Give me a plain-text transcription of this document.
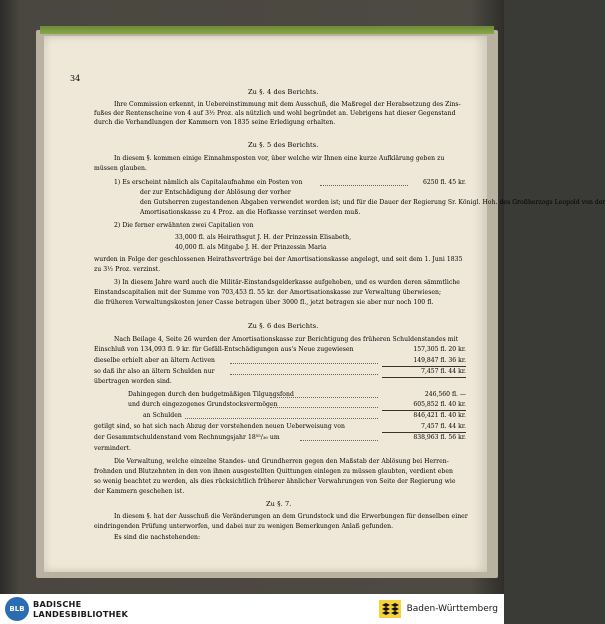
34
Zu §. 4 des Berichts.
Ihre Commission erkennt, in Uebereinstimmung mit dem Ausschuß, die Maßregel der Herabsetzung des Zins-
fußes der Rentenscheine von 4 auf 3½ Proz. als nützlich und wohl begründet an. Uebrigens hat dieser Gegenstand
durch die Verhandlungen der Kammern von 1835 seine Erledigung erhalten.
Zu §. 5 des Berichts.
In diesem §. kommen einige Einnahmsposten vor, über welche wir Ihnen eine kurze Aufklärung geben zu
müssen glauben.
1) Es erscheint nämlich als Capitalaufnahme ein Posten von	6250 fl. 45 kr.
der zur Entschädigung der Ablösung der vorher
den Gutsherren zugestandenen Abgaben verwendet worden ist; und für die Dauer der Regierung Sr. Königl. Hoh. des Großherzogs Leopold von der
Amortisationskasse zu 4 Proz. an die Hofkasse verzinset werden muß.
2) Die ferner erwähnten zwei Capitalien von
33,000 fl. als Heirathsgut J. H. der Prinzessin Elisabeth,
40,000 fl. als Mitgabe J. H. der Prinzessin Maria
wurden in Folge der geschlossenen Heirathsverträge bei der Amortisationskasse angelegt, und seit dem 1. Juni 1835
zu 3½ Proz. verzinst.
3) In diesem Jahre ward auch die Militär-Einstandsgelderkasse aufgehoben, und es wurden deren sämmtliche
Einstandscapitalien mit der Summe von 703,453 fl. 55 kr. der Amortisationskasse zur Verwaltung überwiesen;
die früheren Verwaltungskosten jener Casse betragen über 3000 fl., jetzt betragen sie aber nur noch 100 fl.
Zu §. 6 des Berichts.
Nach Beilage 4, Seite 26 wurden der Amortisationskasse zur Berichtigung des früheren Schuldenstandes mit
Einschluß von 134,093 fl. 9 kr. für Gefäll-Entschädigungen aus's Neue zugewiesen	157,305 fl. 20 kr.
dieselbe erhielt aber an ältern Activen	149,847 fl. 36 kr.
so daß ihr also an ältern Schulden nur	7,457 fl. 44 kr.
übertragen worden sind.
Dahingegen durch den budgetmäßigen Tilgungsfond	246,560 fl. —
und durch eingezogenes Grundstocksvermögen	605,852 fl. 40 kr.
an Schulden	846,421 fl. 40 kr.
getilgt sind, so hat sich nach Abzug der vorstehenden neuen Ueberweisung von	7,457 fl. 44 kr.
der Gesammtschuldenstand vom Rechnungsjahr 18⁵⁵/₃₆ um	838,963 fl. 56 kr.
vermindert.
Die Verwaltung, welche einzelne Standes- und Grundherren gegen den Maßstab der Ablösung bei Herren-
frohnden und Blutzehnten in den von ihnen ausgestellten Quittungen einlegen zu müssen glaubten, verdient eben
so wenig beachtet zu werden, als dies rücksichtlich früherer ähnlicher Verwahrungen von Seite der Regierung wie
der Kammern geschehen ist.
Zu §. 7.
In diesem §. hat der Ausschuß die Veränderungen an dem Grundstock und die Erwerbungen für denselben einer
eindringenden Prüfung unterworfen, und dabei nur zu wenigen Bemerkungen Anlaß gefunden.
Es sind die nachstehenden:
BLB	BADISCHE
LANDESBIBLIOTHEK	Baden-Württemberg
